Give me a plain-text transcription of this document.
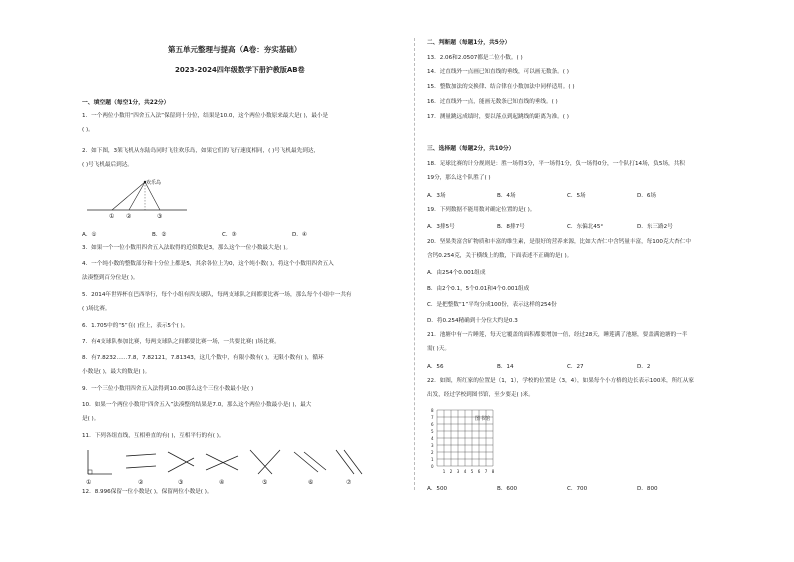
第五单元整理与提高（A卷：夯实基础）
2023-2024四年级数学下册沪教版AB卷
一、填空题（每空1分，共22分）
1．一个两位小数用“四舍五入法”保留到十分位，结果是10.0，这个两位小数原来最大是( )，最小是
( )。
2．如下图，3架飞机从东陆岛同时飞往欢乐岛，如果它们的飞行速度相同，( )号飞机最先到达，
( )号飞机最后到达。
欢乐岛
① ②	③
A．①	B．②	C．③	D．④
3．如果一个一位小数用四舍五入法取得的近似数是3，那么这个一位小数最大是( )。
4．一个纯小数的整数部分和十分位上都是5，其余各位上为0，这个纯小数( )，将这个小数用四舍五入
法凑整到百分位是( )。
5．2014年世界杯在巴西举行，每个小组有四支球队，每两支球队之间都要比赛一场，那么每个小组中一共有
( )场比赛。
6．1.705中的“5”在( )位上，表示5个( )。
7．有4支球队参加比赛，每两支球队之间都要比赛一场，一共要比赛( )场比赛。
8．有7.8232……7.8，7.82121，7.81343，这几个数中，有限小数有( )，无限小数有( )，循环
小数是( )，最大的数是( )。
9．一个三位小数用四舍五入法得到10.00那么这个三位小数最小是( )
10．如果一个两位小数用“四舍五入”法凑整的结果是7.0，那么这个两位小数最小是( )，最大
是( )。
11．下列各组直线，互相垂直的有( )，互相平行的有( )。
①	②	③	④	⑤	⑥	⑦
12．8.996保留一位小数是( )，保留两位小数是( )。
二、判断题（每题1分，共5分）
13．2.06和2.0507都是二位小数。( )
14．过直线外一点画已知直线的垂线，可以画无数条。( )
15．整数加法的交换律、结合律在小数加法中同样适用。( )
16．过直线外一点，能画无数条已知直线的垂线。( )
17．测量跳远成绩时，要以落点到起跳线的距离为准。( )
三、选择题（每题2分，共10分）
18．足球比赛的计分规则是：胜一场得3分，平一场得1分，负一场得0分，一个队打14场，负5场，共积
19分，那么这个队胜了( )
A．3场	B．4场	C．5场	D．6场
19．下列数据不能用数对确定位置的是( )。
A．3排5号	B．8排7号	C．东偏北45°	D．东三路2号
20．坚果类富含矿物质和丰富的维生素，是很好的营养来源，比如大杏仁中含钙量丰富，每100克大杏仁中
含钙0.254克，关于横线上的数，下面表述不正确的是( )。
A．由254个0.001组成
B．由2个0.1，5个0.01和4个0.001组成
C．是把整数“1”平均分成100份，表示这样的254份
D．将0.254精确到十分位大约是0.3
21．池塘中有一片睡莲，每天它覆盖的面积都要增加一倍，经过28天，睡莲满了池塘，要盖满池塘的一半
需( )天。
A．56	B．14	C．27	D．2
22．如图，所红家的位置是（1，1），学校的位置是（3，4），如果每个小方格的边长表示100米，所红从家
出发，经过学校到图书馆，至少要走( )米。
图书馆
0
1
2
3
4
5
6
7
8
1 2 3 4 5 6 7 8
A．500	B．600	C．700	D．800
